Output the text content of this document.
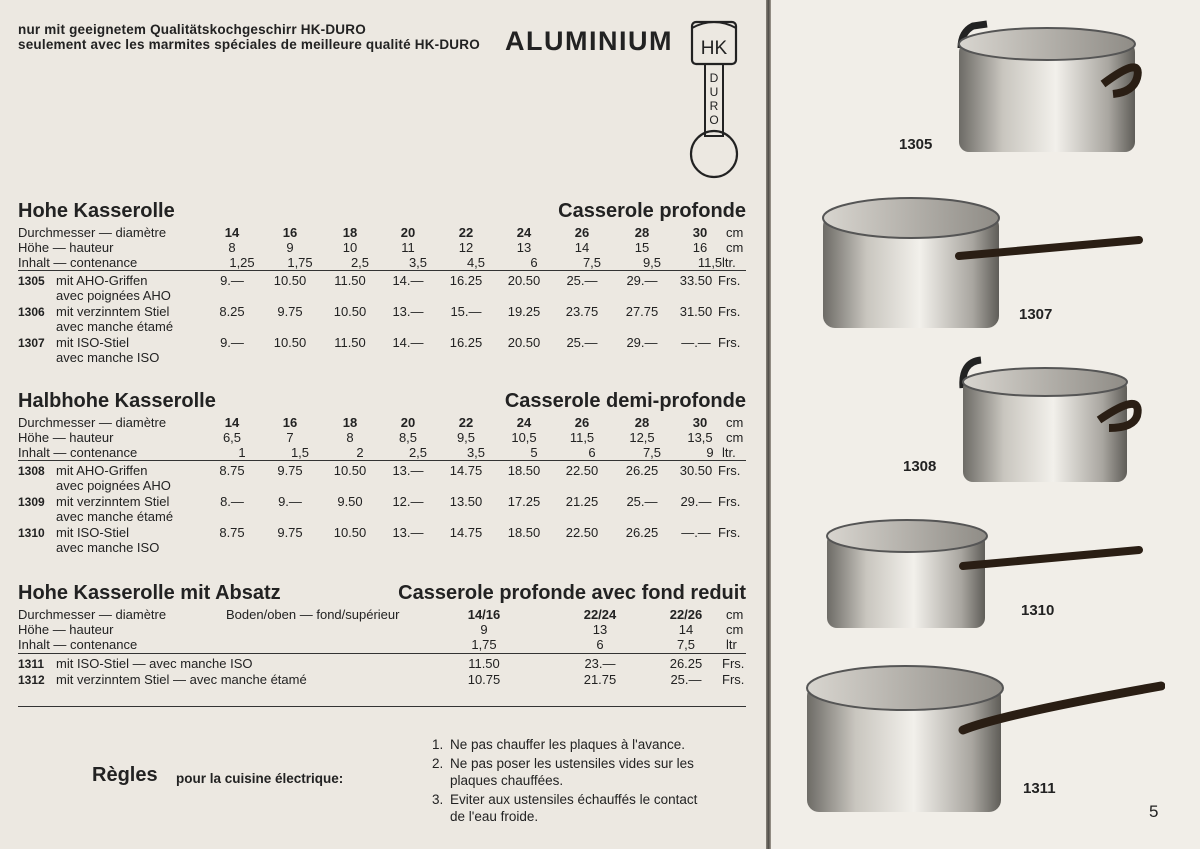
nur mit geeignetem Qualitätskochgeschirr HK-DURO
seulement avec les marmites spéciales de meilleure qualité HK-DURO ALUMINIUM HK
D
U
R
O
Hohe Kasserolle	Casserole profonde
Durchmesser — diamètre	14	16	18	20	22	24	26	28	30	cm
Höhe — hauteur	8	9	10	11	12	13	14	15	16	cm
Inhalt — contenance	1,25	1,75	2,5	3,5	4,5	6	7,5	9,5	11,5 ltr.
1305 mit AHO-Griffen	9.—	10.50	11.50	14.—	16.25	20.50	25.—	29.—	33.50 Frs.
avec poignées AHO
1306 mit verzinntem Stiel	8.25	9.75	10.50	13.—	15.—	19.25	23.75	27.75	31.50 Frs.
avec manche étamé
1307 mit ISO-Stiel	9.—	10.50	11.50	14.—	16.25	20.50	25.—	29.—	—.— Frs.
avec manche ISO
Halbhohe Kasserolle	Casserole demi-profonde
Durchmesser — diamètre	14	16	18	20	22	24	26	28	30	cm
Höhe — hauteur	6,5	7	8	8,5	9,5	10,5	11,5	12,5	13,5	cm
Inhalt — contenance	1	1,5	2	2,5	3,5	5	6	7,5	9 ltr.
1308 mit AHO-Griffen	8.75	9.75	10.50	13.—	14.75	18.50	22.50	26.25	30.50 Frs.
avec poignées AHO
1309 mit verzinntem Stiel	8.—	9.—	9.50	12.—	13.50	17.25	21.25	25.—	29.— Frs.
avec manche étamé
1310 mit ISO-Stiel	8.75	9.75	10.50	13.—	14.75	18.50	22.50	26.25	—.— Frs.
avec manche ISO
Hohe Kasserolle mit Absatz	Casserole profonde avec fond reduit
Durchmesser — diamètre	Boden/oben — fond/supérieur	14/16	22/24	22/26	cm
Höhe — hauteur	9	13	14	cm
Inhalt — contenance	1,75	6	7,5	ltr
1311 mit ISO-Stiel — avec manche ISO	11.50	23.—	26.25	Frs.
1312 mit verzinntem Stiel — avec manche étamé	10.75	21.75	25.—	Frs.
Règles pour la cuisine électrique:
1. Ne pas chauffer les plaques à l'avance.
2. Ne pas poser les ustensiles vides sur les
plaques chauffées.
3. Eviter aux ustensiles échauffés le contact
de l'eau froide.
1305
1307
1308
1310
1311
5
